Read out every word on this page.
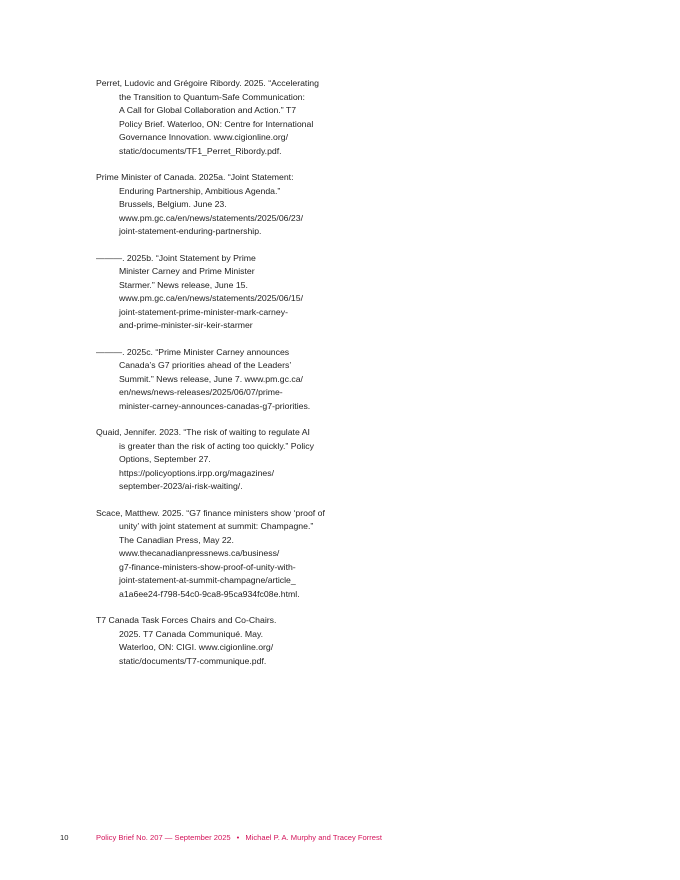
Perret, Ludovic and Grégoire Ribordy. 2025. “Accelerating
the Transition to Quantum-Safe Communication:
A Call for Global Collaboration and Action.” T7
Policy Brief. Waterloo, ON: Centre for International
Governance Innovation. www.cigionline.org/
static/documents/TF1_Perret_Ribordy.pdf.

Prime Minister of Canada. 2025a. “Joint Statement:
Enduring Partnership, Ambitious Agenda.”
Brussels, Belgium. June 23.
www.pm.gc.ca/en/news/statements/2025/06/23/
joint-statement-enduring-partnership.

———. 2025b. “Joint Statement by Prime
Minister Carney and Prime Minister
Starmer.” News release, June 15.
www.pm.gc.ca/en/news/statements/2025/06/15/
joint-statement-prime-minister-mark-carney-
and-prime-minister-sir-keir-starmer

———. 2025c. “Prime Minister Carney announces
Canada’s G7 priorities ahead of the Leaders’
Summit.” News release, June 7. www.pm.gc.ca/
en/news/news-releases/2025/06/07/prime-
minister-carney-announces-canadas-g7-priorities.

Quaid, Jennifer. 2023. “The risk of waiting to regulate AI
is greater than the risk of acting too quickly.” Policy
Options, September 27.
https://policyoptions.irpp.org/magazines/
september-2023/ai-risk-waiting/.

Scace, Matthew. 2025. “G7 finance ministers show ‘proof of
unity’ with joint statement at summit: Champagne.”
The Canadian Press, May 22.
www.thecanadianpressnews.ca/business/
g7-finance-ministers-show-proof-of-unity-with-
joint-statement-at-summit-champagne/article_
a1a6ee24-f798-54c0-9ca8-95ca934fc08e.html.

T7 Canada Task Forces Chairs and Co-Chairs.
2025. T7 Canada Communiqué. May.
Waterloo, ON: CIGI. www.cigionline.org/
static/documents/T7-communique.pdf.

10	Policy Brief No. 207 — September 2025 • Michael P. A. Murphy and Tracey Forrest
